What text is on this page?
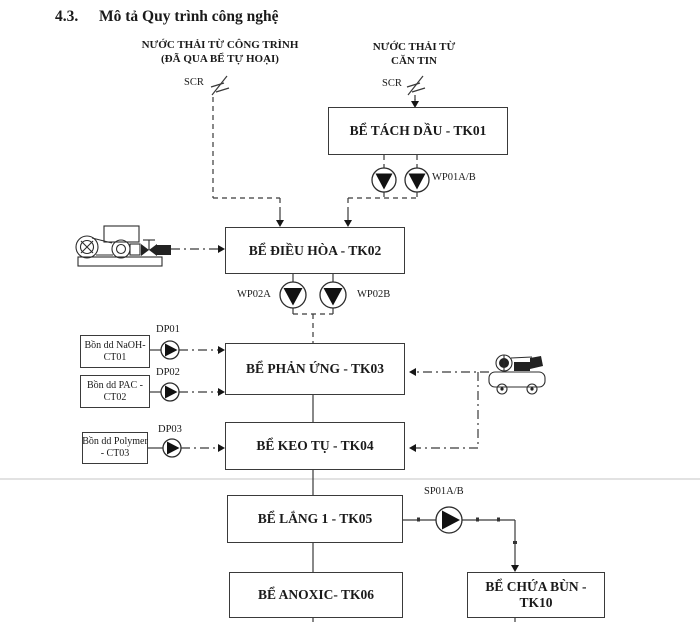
4.3. Mô tả Quy trình công nghệ
NƯỚC THẢI TỪ CÔNG TRÌNH
(ĐÃ QUA BỂ TỰ HOẠI)
SCR
NƯỚC THẢI TỪ
CĂN TIN
SCR
BỂ TÁCH DẦU - TK01
BỂ ĐIỀU HÒA - TK02
BỂ PHẢN ỨNG - TK03
BỂ KEO TỤ - TK04
BỂ LẮNG 1 - TK05
BỂ ANOXIC- TK06
BỂ CHỨA BÙN -
TK10
Bồn dd NaOH-
CT01
Bồn dd PAC -
CT02
Bồn dd Polymer
- CT03
WP01A/B
WP02A	WP02B
DP01
DP02
DP03
SP01A/B
